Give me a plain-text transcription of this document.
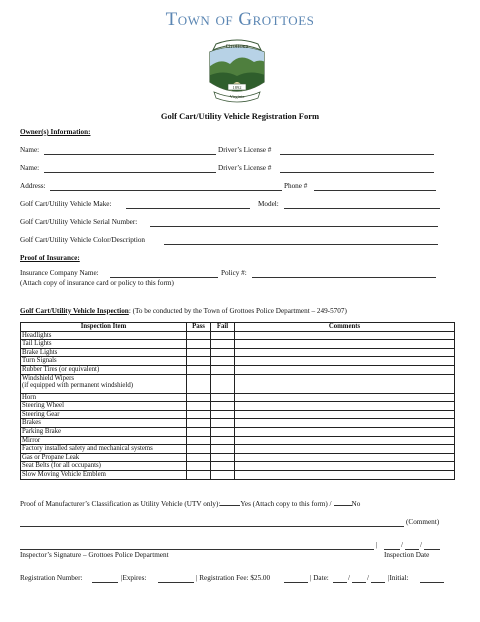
Town of Grottoes
Grottoes
1892
Virginia
Golf Cart/Utility Vehicle Registration Form
Owner(s) Information:
Name:	Driver’s License #
Name:	Driver’s License #
Address:	Phone #
Golf Cart/Utility Vehicle Make:	Model:
Golf Cart/Utility Vehicle Serial Number:
Golf Cart/Utility Vehicle Color/Description
Proof of Insurance:
Insurance Company Name:	Policy #:
(Attach copy of insurance card or policy to this form)
Golf Cart/Utility Vehicle Inspection: (To be conducted by the Town of Grottoes Police Department – 249-5707)
Inspection Item	Pass	Fail	Comments
Headlights			
Tail Lights			
Brake Lights			
Turn Signals			
Rubber Tires (or equivalent)			
Windshield Wipers
(if equipped with permanent windshield)			
Horn			
Steering Wheel			
Steering Gear			
Brakes			
Parking Brake			
Mirror			
Factory installed safety and mechanical systems			
Gas or Propane Leak			
Seat Belts (for all occupants)			
Slow Moving Vehicle Emblem			
Proof of Manufacturer’s Classification as Utility Vehicle (UTV only):	Yes (Attach copy to this form) /	No
(Comment)
|	/ /
Inspector’s Signature – Grottoes Police Department	Inspection Date
Registration Number:	|Expires:	| Registration Fee: $25.00	| Date:	/ /	|Initial:
